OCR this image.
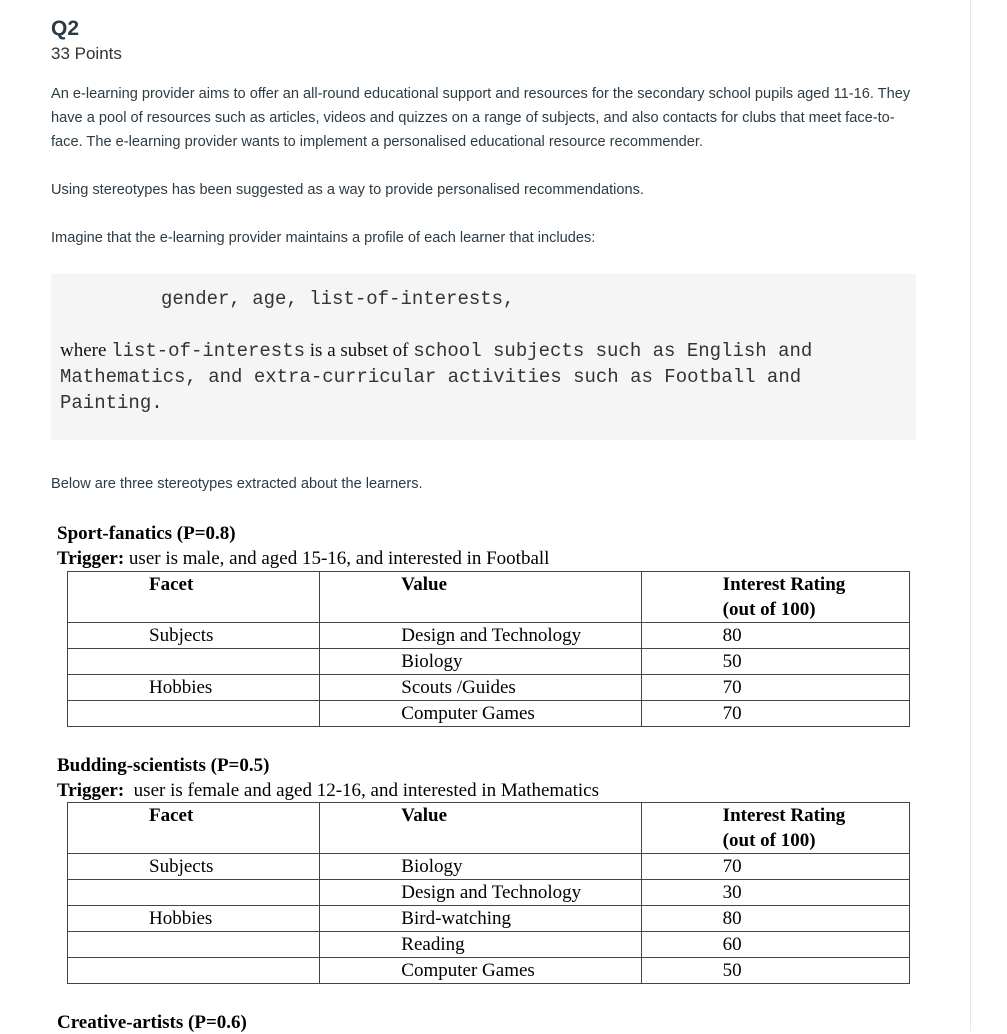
Q2
33 Points
An e-learning provider aims to offer an all-round educational support and resources for the secondary school pupils aged 11-16. They have a pool of resources such as articles, videos and quizzes on a range of subjects, and also contacts for clubs that meet face-to-face. The e-learning provider wants to implement a personalised educational resource recommender.
Using stereotypes has been suggested as a way to provide personalised recommendations.
Imagine that the e-learning provider maintains a profile of each learner that includes:
gender, age, list-of-interests,
where list-of-interests is a subset of school subjects such as English and Mathematics, and extra-curricular activities such as Football and Painting.
Below are three stereotypes extracted about the learners.
Sport-fanatics (P=0.8)
Trigger: user is male, and aged 15-16, and interested in Football
Facet	Value	Interest Rating
(out of 100)
Subjects	Design and Technology	80
	Biology	50
Hobbies	Scouts /Guides	70
	Computer Games	70
Budding-scientists (P=0.5)
Trigger:  user is female and aged 12-16, and interested in Mathematics
Facet	Value	Interest Rating
(out of 100)
Subjects	Biology	70
	Design and Technology	30
Hobbies	Bird-watching	80
	Reading	60
	Computer Games	50
Creative-artists (P=0.6)
